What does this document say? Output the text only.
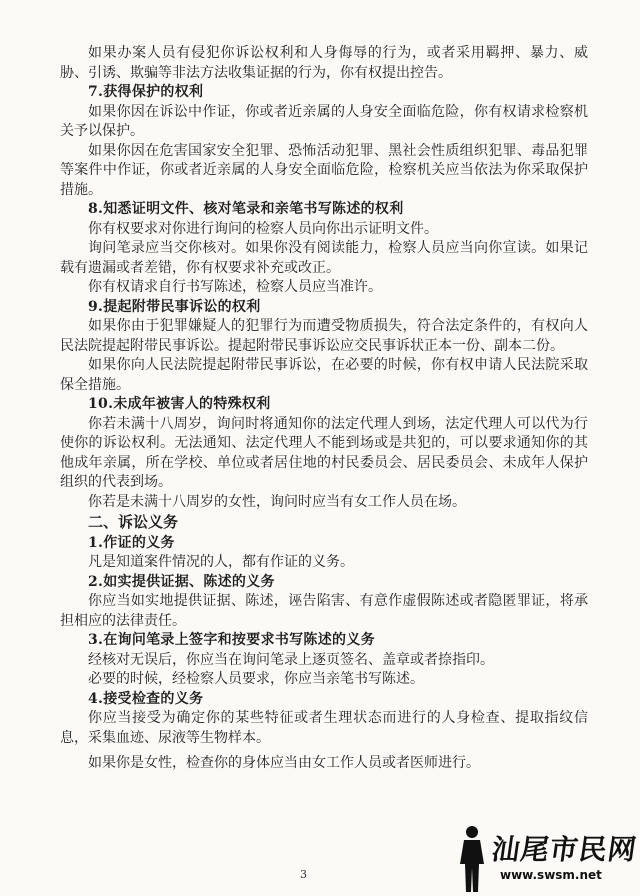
如果办案人员有侵犯你诉讼权利和人身侮辱的行为，或者采用羁押、暴力、威胁、引诱、欺骗等非法方法收集证据的行为，你有权提出控告。

7.获得保护的权利

如果你因在诉讼中作证，你或者近亲属的人身安全面临危险，你有权请求检察机关予以保护。

如果你因在危害国家安全犯罪、恐怖活动犯罪、黑社会性质组织犯罪、毒品犯罪等案件中作证，你或者近亲属的人身安全面临危险，检察机关应当依法为你采取保护措施。

8.知悉证明文件、核对笔录和亲笔书写陈述的权利

你有权要求对你进行询问的检察人员向你出示证明文件。

询问笔录应当交你核对。如果你没有阅读能力，检察人员应当向你宣读。如果记载有遗漏或者差错，你有权要求补充或改正。

你有权请求自行书写陈述，检察人员应当准许。

9.提起附带民事诉讼的权利

如果你由于犯罪嫌疑人的犯罪行为而遭受物质损失，符合法定条件的，有权向人民法院提起附带民事诉讼。提起附带民事诉讼应交民事诉状正本一份、副本二份。

如果你向人民法院提起附带民事诉讼，在必要的时候，你有权申请人民法院采取保全措施。

10.未成年被害人的特殊权利

你若未满十八周岁，询问时将通知你的法定代理人到场，法定代理人可以代为行使你的诉讼权利。无法通知、法定代理人不能到场或是共犯的，可以要求通知你的其他成年亲属，所在学校、单位或者居住地的村民委员会、居民委员会、未成年人保护组织的代表到场。

你若是未满十八周岁的女性，询问时应当有女工作人员在场。

二、诉讼义务

1.作证的义务

凡是知道案件情况的人，都有作证的义务。

2.如实提供证据、陈述的义务

你应当如实地提供证据、陈述，诬告陷害、有意作虚假陈述或者隐匿罪证，将承担相应的法律责任。

3.在询问笔录上签字和按要求书写陈述的义务

经核对无误后，你应当在询问笔录上逐页签名、盖章或者捺指印。

必要的时候，经检察人员要求，你应当亲笔书写陈述。

4.接受检查的义务

你应当接受为确定你的某些特征或者生理状态而进行的人身检查、提取指纹信息，采集血迹、尿液等生物样本。

如果你是女性，检查你的身体应当由女工作人员或者医师进行。

3
汕尾市民网
www.swsm.net
